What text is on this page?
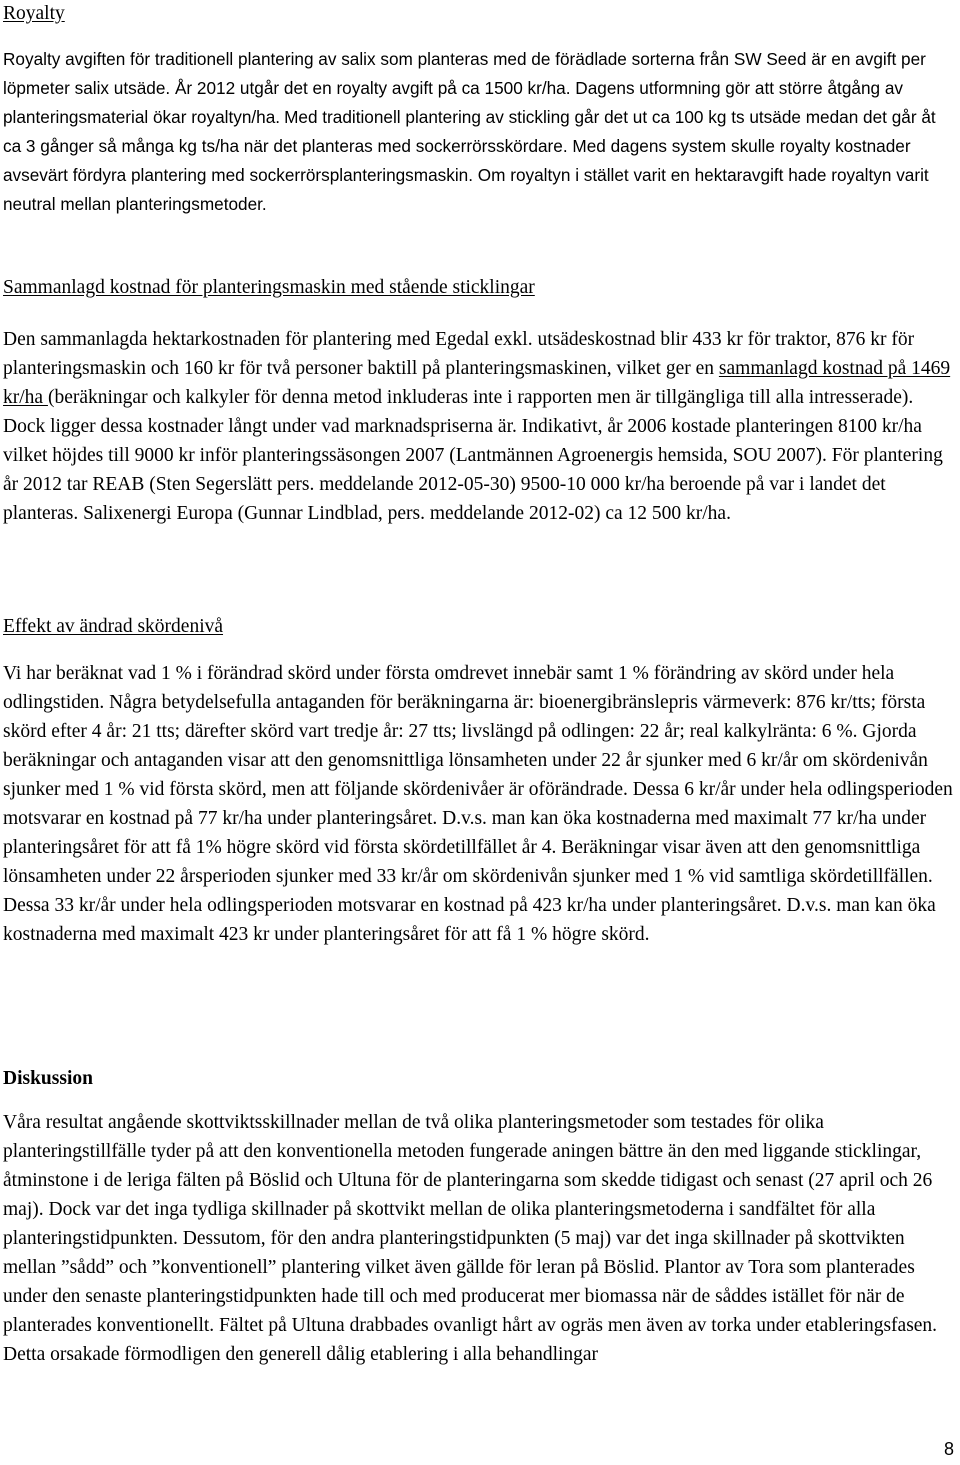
Royalty

Royalty avgiften för traditionell plantering av salix som planteras med de förädlade sorterna från SW Seed är en avgift per löpmeter salix utsäde. År 2012 utgår det en royalty avgift på ca 1500 kr/ha. Dagens utformning gör att större åtgång av planteringsmaterial ökar royaltyn/ha. Med traditionell plantering av stickling går det ut ca 100 kg ts utsäde medan det går åt ca 3 gånger så många kg ts/ha när det planteras med sockerrörsskördare. Med dagens system skulle royalty kostnader avsevärt fördyra plantering med sockerrörsplanteringsmaskin. Om royaltyn i stället varit en hektaravgift hade royaltyn varit neutral mellan planteringsmetoder.

Sammanlagd kostnad för planteringsmaskin med stående sticklingar

Den sammanlagda hektarkostnaden för plantering med Egedal exkl. utsädeskostnad blir 433 kr för traktor, 876 kr för planteringsmaskin och 160 kr för två personer baktill på planteringsmaskinen, vilket ger en sammanlagd kostnad på 1469 kr/ha (beräkningar och kalkyler för denna metod inkluderas inte i rapporten men är tillgängliga till alla intresserade). Dock ligger dessa kostnader långt under vad marknadspriserna är. Indikativt, år 2006 kostade planteringen 8100 kr/ha vilket höjdes till 9000 kr inför planteringssäsongen 2007 (Lantmännen Agroenergis hemsida, SOU 2007). För plantering år 2012 tar REAB (Sten Segerslätt pers. meddelande 2012-05-30) 9500-10 000 kr/ha beroende på var i landet det planteras. Salixenergi Europa (Gunnar Lindblad, pers. meddelande 2012-02) ca 12 500 kr/ha.

Effekt av ändrad skördenivå

Vi har beräknat vad 1 % i förändrad skörd under första omdrevet innebär samt 1 % förändring av skörd under hela odlingstiden. Några betydelsefulla antaganden för beräkningarna är: bioenergibränslepris värmeverk: 876 kr/tts; första skörd efter 4 år: 21 tts; därefter skörd vart tredje år: 27 tts; livslängd på odlingen: 22 år; real kalkylränta: 6 %. Gjorda beräkningar och antaganden visar att den genomsnittliga lönsamheten under 22 år sjunker med 6 kr/år om skördenivån sjunker med 1 % vid första skörd, men att följande skördenivåer är oförändrade. Dessa 6 kr/år under hela odlingsperioden motsvarar en kostnad på 77 kr/ha under planteringsåret. D.v.s. man kan öka kostnaderna med maximalt 77 kr/ha under planteringsåret för att få 1% högre skörd vid första skördetillfället år 4. Beräkningar visar även att den genomsnittliga lönsamheten under 22 årsperioden sjunker med 33 kr/år om skördenivån sjunker med 1 % vid samtliga skördetillfällen. Dessa 33 kr/år under hela odlingsperioden motsvarar en kostnad på 423 kr/ha under planteringsåret. D.v.s. man kan öka kostnaderna med maximalt 423 kr under planteringsåret för att få 1 % högre skörd.

Diskussion

Våra resultat angående skottviktsskillnader mellan de två olika planteringsmetoder som testades för olika planteringstillfälle tyder på att den konventionella metoden fungerade aningen bättre än den med liggande sticklingar, åtminstone i de leriga fälten på Böslid och Ultuna för de planteringarna som skedde tidigast och senast (27 april och 26 maj). Dock var det inga tydliga skillnader på skottvikt mellan de olika planteringsmetoderna i sandfältet för alla planteringstidpunkten. Dessutom, för den andra planteringstidpunkten (5 maj) var det inga skillnader på skottvikten mellan ”sådd” och ”konventionell” plantering vilket även gällde för leran på Böslid. Plantor av Tora som planterades under den senaste planteringstidpunkten hade till och med producerat mer biomassa när de såddes istället för när de planterades konventionellt. Fältet på Ultuna drabbades ovanligt hårt av ogräs men även av torka under etableringsfasen. Detta orsakade förmodligen den generell dålig etablering i alla behandlingar

8
